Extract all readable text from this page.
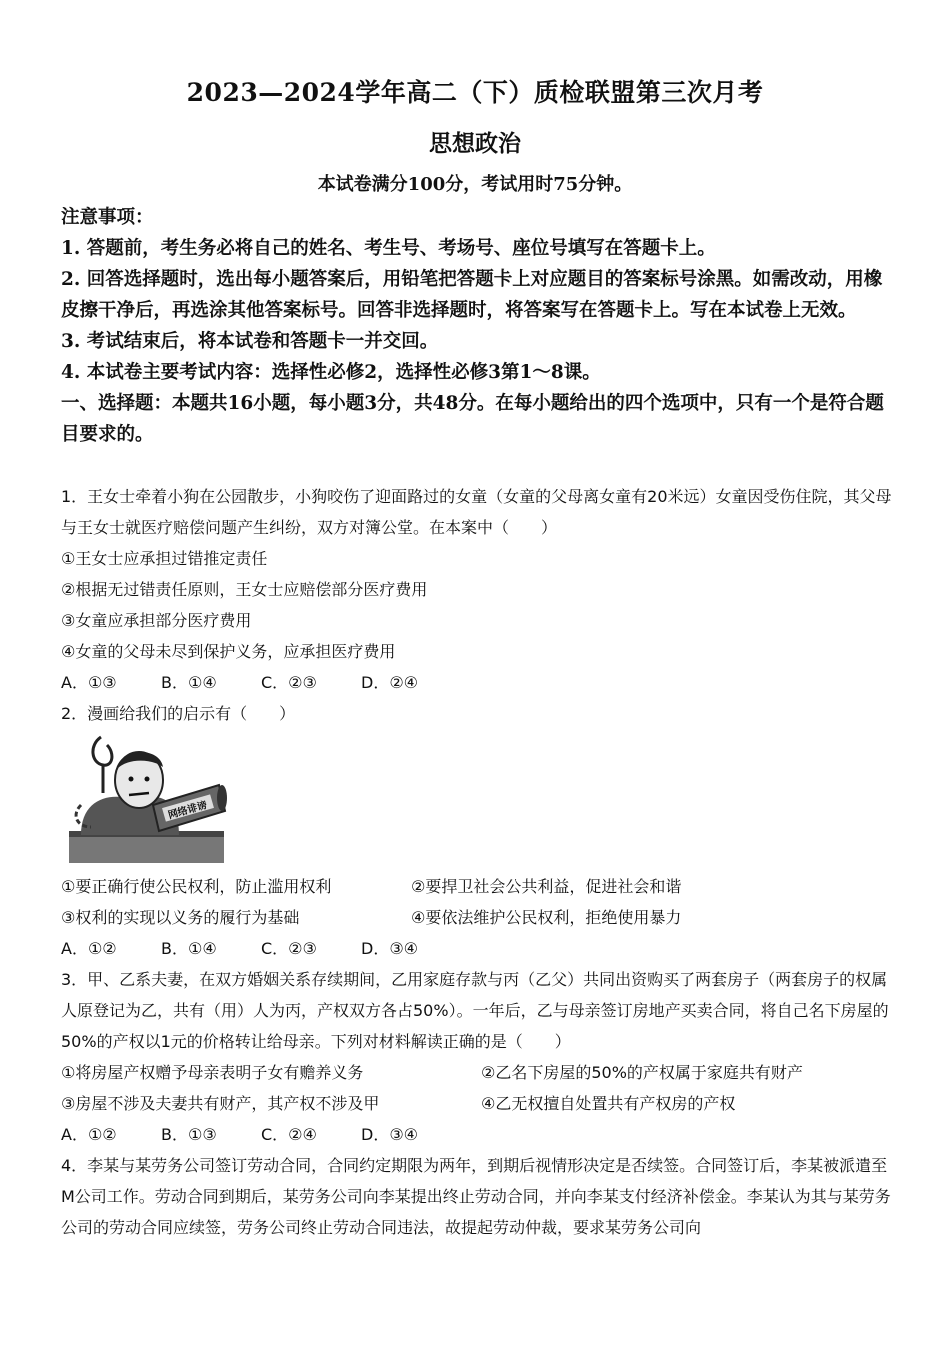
2023—2024学年高二（下）质检联盟第三次月考
思想政治
本试卷满分100分，考试用时75分钟。

注意事项：

1. 答题前，考生务必将自己的姓名、考生号、考场号、座位号填写在答题卡上。

2. 回答选择题时，选出每小题答案后，用铅笔把答题卡上对应题目的答案标号涂黑。如需改动，用橡皮擦干净后，再选涂其他答案标号。回答非选择题时，将答案写在答题卡上。写在本试卷上无效。

3. 考试结束后，将本试卷和答题卡一并交回。

4. 本试卷主要考试内容：选择性必修2，选择性必修3第1～8课。

一、选择题：本题共16小题，每小题3分，共48分。在每小题给出的四个选项中，只有一个是符合题目要求的。

1．王女士牵着小狗在公园散步，小狗咬伤了迎面路过的女童（女童的父母离女童有20米远）女童因受伤住院，其父母与王女士就医疗赔偿问题产生纠纷，双方对簿公堂。在本案中（　　）

①王女士应承担过错推定责任

②根据无过错责任原则，王女士应赔偿部分医疗费用

③女童应承担部分医疗费用

④女童的父母未尽到保护义务，应承担医疗费用

A．①③	B．①④	C．②③	D．②④

2．漫画给我们的启示有（　　）

网络诽谤

①要正确行使公民权利，防止滥用权利	②要捍卫社会公共利益，促进社会和谐

③权利的实现以义务的履行为基础	④要依法维护公民权利，拒绝使用暴力

A．①②	B．①④	C．②③	D．③④

3．甲、乙系夫妻，在双方婚姻关系存续期间，乙用家庭存款与丙（乙父）共同出资购买了两套房子（两套房子的权属人原登记为乙，共有（用）人为丙，产权双方各占50%）。一年后，乙与母亲签订房地产买卖合同，将自己名下房屋的50%的产权以1元的价格转让给母亲。下列对材料解读正确的是（　　）

①将房屋产权赠予母亲表明子女有赡养义务	②乙名下房屋的50%的产权属于家庭共有财产

③房屋不涉及夫妻共有财产，其产权不涉及甲	④乙无权擅自处置共有产权房的产权

A．①②	B．①③	C．②④	D．③④

4．李某与某劳务公司签订劳动合同，合同约定期限为两年，到期后视情形决定是否续签。合同签订后，李某被派遣至M公司工作。劳动合同到期后，某劳务公司向李某提出终止劳动合同，并向李某支付经济补偿金。李某认为其与某劳务公司的劳动合同应续签，劳务公司终止劳动合同违法，故提起劳动仲裁，要求某劳务公司向
